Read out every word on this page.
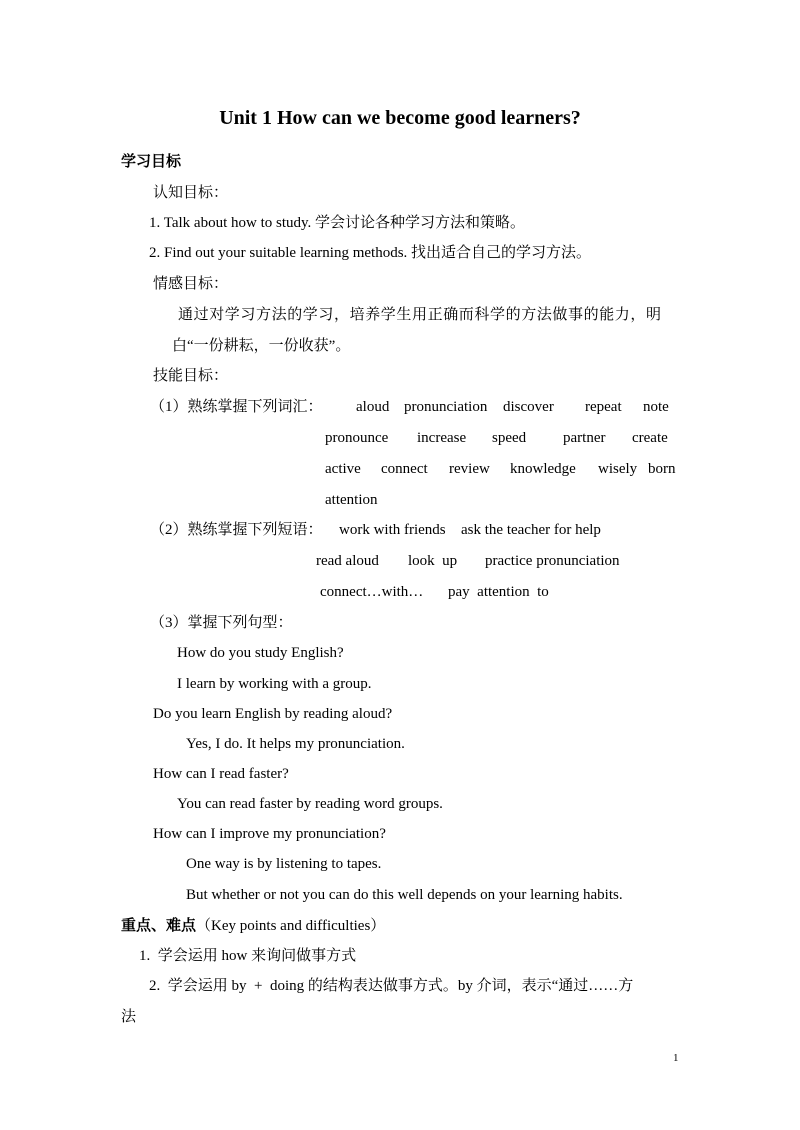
Unit 1 How can we become good learners?
学习目标
认知目标：
1. Talk about how to study. 学会讨论各种学习方法和策略。
2. Find out your suitable learning methods. 找出适合自己的学习方法。
情感目标：
通过对学习方法的学习，培养学生用正确而科学的方法做事的能力，明
白“一份耕耘，一份收获”。
技能目标：
（1）熟练掌握下列词汇： aloud pronunciation discover repeat note
pronounce increase speed partner create
active connect review knowledge wisely born
attention
（2）熟练掌握下列短语： work with friends ask the teacher for help
read aloud look  up practice pronunciation
connect…with… pay  attention  to
（3）掌握下列句型：
How do you study English?
I learn by working with a group.
Do you learn English by reading aloud?
Yes, I do. It helps my pronunciation.
How can I read faster?
You can read faster by reading word groups.
How can I improve my pronunciation?
One way is by listening to tapes.
But whether or not you can do this well depends on your learning habits.
重点、难点（Key points and difficulties）
1.  学会运用 how 来询问做事方式
2.  学会运用 by  +  doing 的结构表达做事方式。by 介词，表示“通过……方
法
1
